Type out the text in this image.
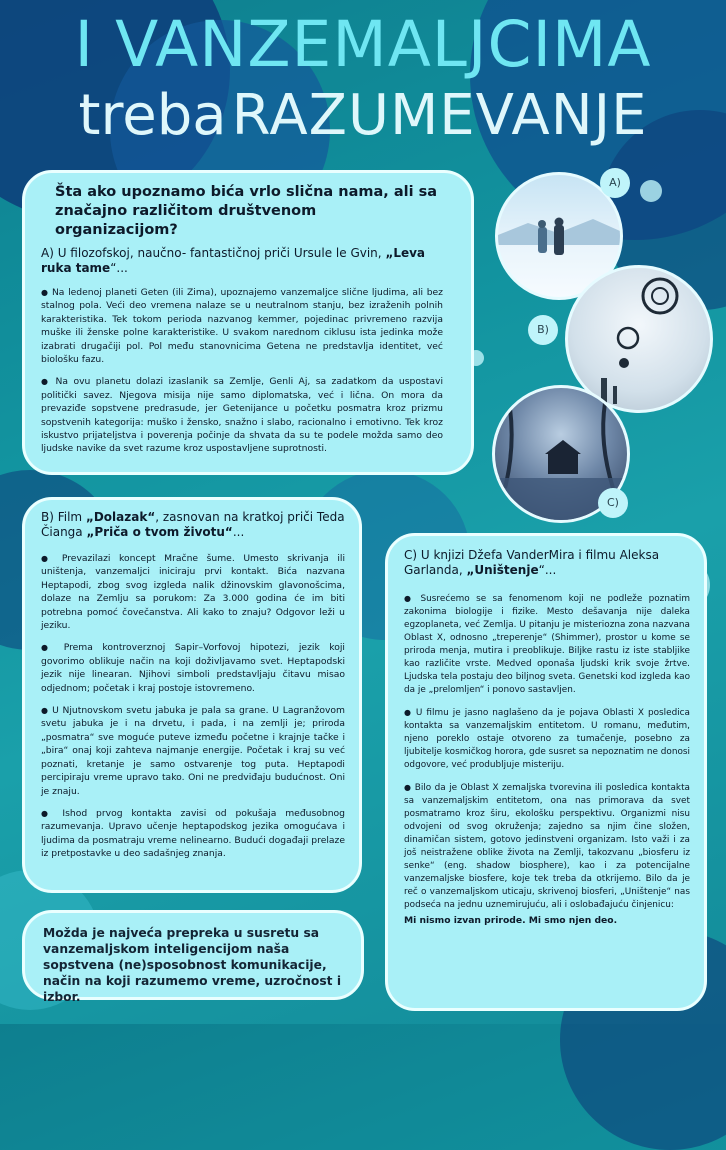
I VANZEMALJCIMA
treba RAZUMEVANJE
Šta ako upoznamo bića vrlo slična nama, ali sa značajno različitom društvenom organizacijom?
A) U filozofskoj, naučno- fantastičnoj priči Ursule le Gvin, „Leva ruka tame“...

● Na ledenoj planeti Geten (ili Zima), upoznajemo vanzemaljce slične ljudima, ali bez stalnog pola. Veći deo vremena nalaze se u neutralnom stanju, bez izraženih polnih karakteristika. Tek tokom perioda nazvanog kemmer, pojedinac privremeno razvija muške ili ženske polne karakteristike. U svakom narednom ciklusu ista jedinka može izabrati drugačiji pol. Pol među stanovnicima Getena ne predstavlja identitet, već biološku fazu.

● Na ovu planetu dolazi izaslanik sa Zemlje, Genli Aj, sa zadatkom da uspostavi politički savez. Njegova misija nije samo diplomatska, već i lična. On mora da prevaziđe sopstvene predrasude, jer Getenijance u početku posmatra kroz prizmu sopstvenih kategorija: muško i žensko, snažno i slabo, racionalno i emotivno. Tek kroz iskustvo prijateljstva i poverenja počinje da shvata da su te podele možda samo deo ljudske navike da svet razume kroz uspostavljene suprotnosti.

A)
B)
C)
B) Film „Dolazak“, zasnovan na kratkoj priči Teda Čianga „Priča o tvom životu“...

● Prevazilazi koncept Mračne šume. Umesto skrivanja ili uništenja, vanzemaljci iniciraju prvi kontakt. Bića nazvana Heptapodi, zbog svog izgleda nalik džinovskim glavonošcima, dolaze na Zemlju sa porukom: Za 3.000 godina će im biti potrebna pomoć čovečanstva. Ali kako to znaju? Odgovor leži u jeziku.

● Prema kontroverznoj Sapir–Vorfovoj hipotezi, jezik koji govorimo oblikuje način na koji doživljavamo svet. Heptapodski jezik nije linearan. Njihovi simboli predstavljaju čitavu misao odjednom; početak i kraj postoje istovremeno.

● U Njutnovskom svetu jabuka je pala sa grane. U Lagranžovom svetu jabuka je i na drvetu, i pada, i na zemlji je; priroda „posmatra“ sve moguće puteve između početne i krajnje tačke i „bira“ onaj koji zahteva najmanje energije. Početak i kraj su već poznati, kretanje je samo ostvarenje tog puta. Heptapodi percipiraju vreme upravo tako. Oni ne predviđaju budućnost. Oni je znaju.

● Ishod prvog kontakta zavisi od pokušaja međusobnog razumevanja. Upravo učenje heptapodskog jezika omogućava i ljudima da posmatraju vreme nelinearno. Budući događaji prelaze iz pretpostavke u deo sadašnjeg znanja.

Možda je najveća prepreka u susretu sa vanzemaljskom inteligencijom naša sopstvena (ne)sposobnost komunikacije, način na koji razumemo vreme, uzročnost i izbor.
C) U knjizi Džefa VanderMira i filmu Aleksa Garlanda, „Uništenje“...

● Susrećemo se sa fenomenom koji ne podleže poznatim zakonima biologije i fizike. Mesto dešavanja nije daleka egzoplaneta, već Zemlja. U pitanju je misteriozna zona nazvana Oblast X, odnosno „treperenje“ (Shimmer), prostor u kome se priroda menja, mutira i preoblikuje. Biljke rastu iz iste stabljike kao različite vrste. Medved oponaša ljudski krik svoje žrtve. Ljudska tela postaju deo biljnog sveta. Genetski kod izgleda kao da je „prelomljen“ i ponovo sastavljen.

● U filmu je jasno naglašeno da je pojava Oblasti X posledica kontakta sa vanzemaljskim entitetom. U romanu, međutim, njeno poreklo ostaje otvoreno za tumačenje, posebno za ljubitelje kosmičkog horora, gde susret sa nepoznatim ne donosi odgovore, već produbljuje misteriju.

● Bilo da je Oblast X zemaljska tvorevina ili posledica kontakta sa vanzemaljskim entitetom, ona nas primorava da svet posmatramo kroz širu, ekološku perspektivu. Organizmi nisu odvojeni od svog okruženja; zajedno sa njim čine složen, dinamičan sistem, gotovo jedinstveni organizam. Isto važi i za još neistražene oblike života na Zemlji, takozvanu „biosferu iz senke“ (eng. shadow biosphere), kao i za potencijalne vanzemaljske biosfere, koje tek treba da otkrijemo. Bilo da je reč o vanzemaljskom uticaju, skrivenoj biosferi, „Uništenje“ nas podseća na jednu uznemirujuću, ali i oslobađajuću činjenicu:

Mi nismo izvan prirode. Mi smo njen deo.
